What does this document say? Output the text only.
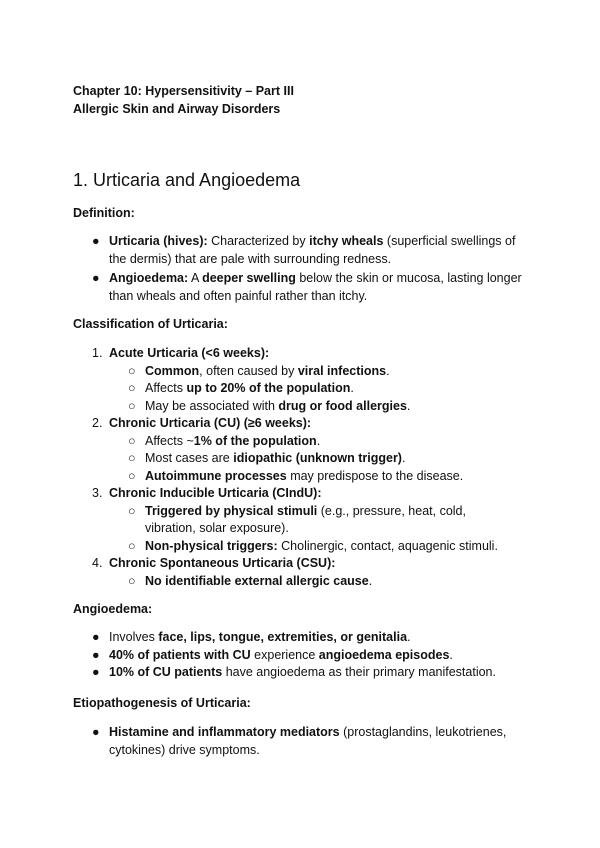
Chapter 10: Hypersensitivity – Part III
Allergic Skin and Airway Disorders
1. Urticaria and Angioedema
Definition:
● Urticaria (hives): Characterized by itchy wheals (superficial swellings of the dermis) that are pale with surrounding redness.
● Angioedema: A deeper swelling below the skin or mucosa, lasting longer than wheals and often painful rather than itchy.
Classification of Urticaria:
1. Acute Urticaria (<6 weeks):
○ Common, often caused by viral infections.
○ Affects up to 20% of the population.
○ May be associated with drug or food allergies.
2. Chronic Urticaria (CU) (≥6 weeks):
○ Affects ~1% of the population.
○ Most cases are idiopathic (unknown trigger).
○ Autoimmune processes may predispose to the disease.
3. Chronic Inducible Urticaria (CIndU):
○ Triggered by physical stimuli (e.g., pressure, heat, cold, vibration, solar exposure).
○ Non-physical triggers: Cholinergic, contact, aquagenic stimuli.
4. Chronic Spontaneous Urticaria (CSU):
○ No identifiable external allergic cause.
Angioedema:
● Involves face, lips, tongue, extremities, or genitalia.
● 40% of patients with CU experience angioedema episodes.
● 10% of CU patients have angioedema as their primary manifestation.
Etiopathogenesis of Urticaria:
● Histamine and inflammatory mediators (prostaglandins, leukotrienes, cytokines) drive symptoms.
